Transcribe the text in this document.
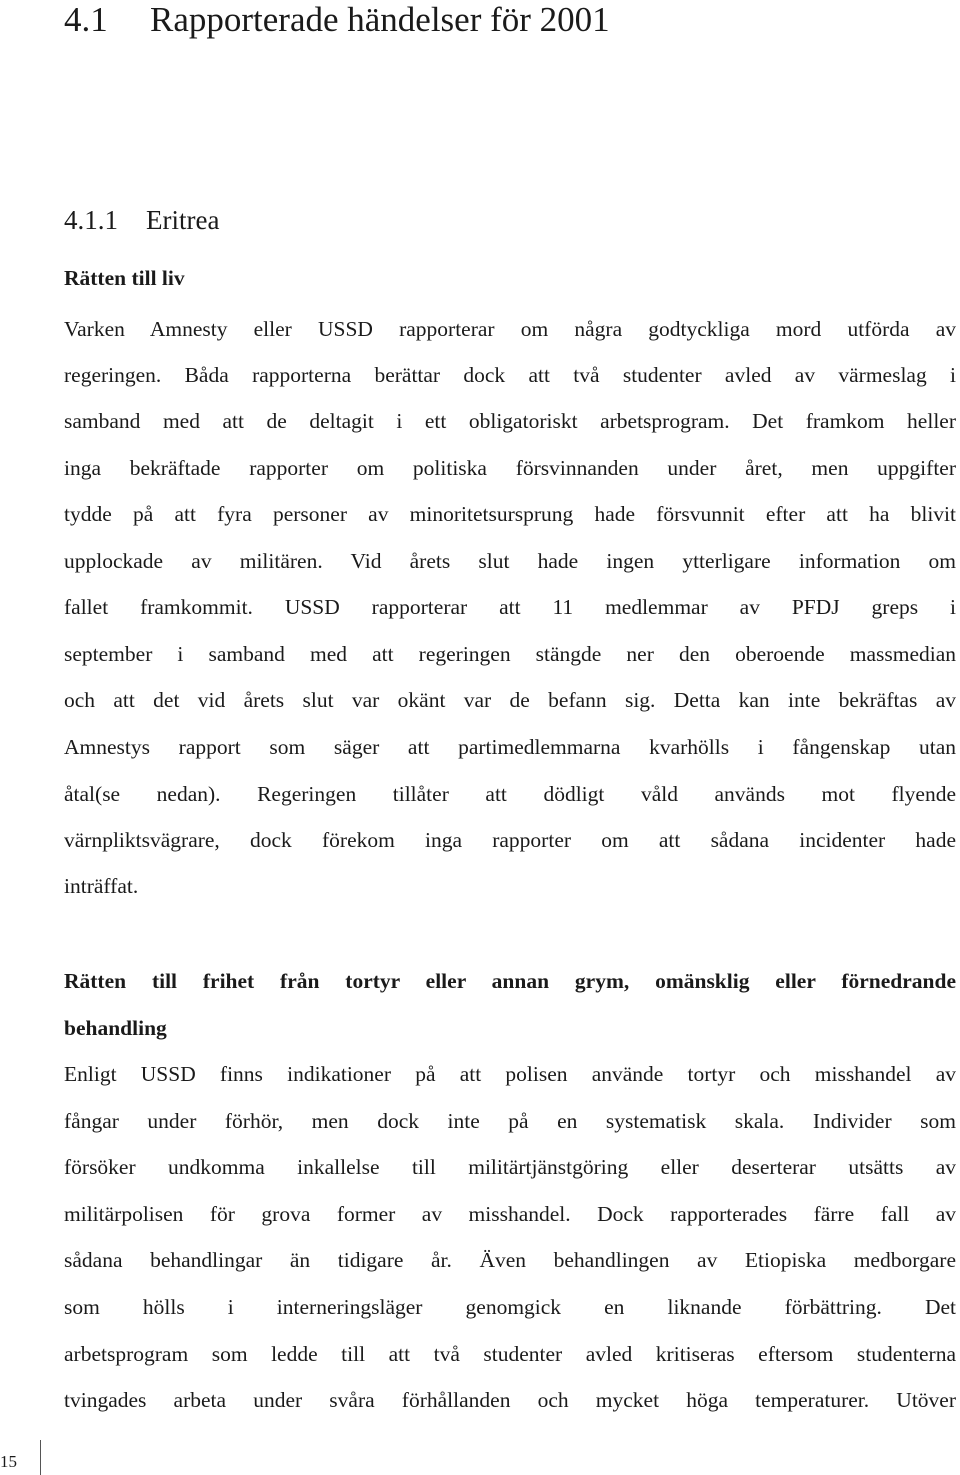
4.1 Rapporterade händelser för 2001
4.1.1 Eritrea
Rätten till liv
Varken Amnesty eller USSD rapporterar om några godtyckliga mord utförda av
regeringen. Båda rapporterna berättar dock att två studenter avled av värmeslag i
samband med att de deltagit i ett obligatoriskt arbetsprogram. Det framkom heller
inga bekräftade rapporter om politiska försvinnanden under året, men uppgifter
tydde på att fyra personer av minoritetsursprung hade försvunnit efter att ha blivit
upplockade av militären. Vid årets slut hade ingen ytterligare information om
fallet framkommit. USSD rapporterar att 11 medlemmar av PFDJ greps i
september i samband med att regeringen stängde ner den oberoende massmedian
och att det vid årets slut var okänt var de befann sig. Detta kan inte bekräftas av
Amnestys rapport som säger att partimedlemmarna kvarhölls i fångenskap utan
åtal(se nedan). Regeringen tillåter att dödligt våld används mot flyende
värnpliktsvägrare, dock förekom inga rapporter om att sådana incidenter hade
inträffat.
Rätten till frihet från tortyr eller annan grym, omänsklig eller förnedrande
behandling
Enligt USSD finns indikationer på att polisen använde tortyr och misshandel av
fångar under förhör, men dock inte på en systematisk skala. Individer som
försöker undkomma inkallelse till militärtjänstgöring eller deserterar utsätts av
militärpolisen för grova former av misshandel. Dock rapporterades färre fall av
sådana behandlingar än tidigare år. Även behandlingen av Etiopiska medborgare
som hölls i interneringsläger genomgick en liknande förbättring. Det
arbetsprogram som ledde till att två studenter avled kritiseras eftersom studenterna
tvingades arbeta under svåra förhållanden och mycket höga temperaturer. Utöver
15
